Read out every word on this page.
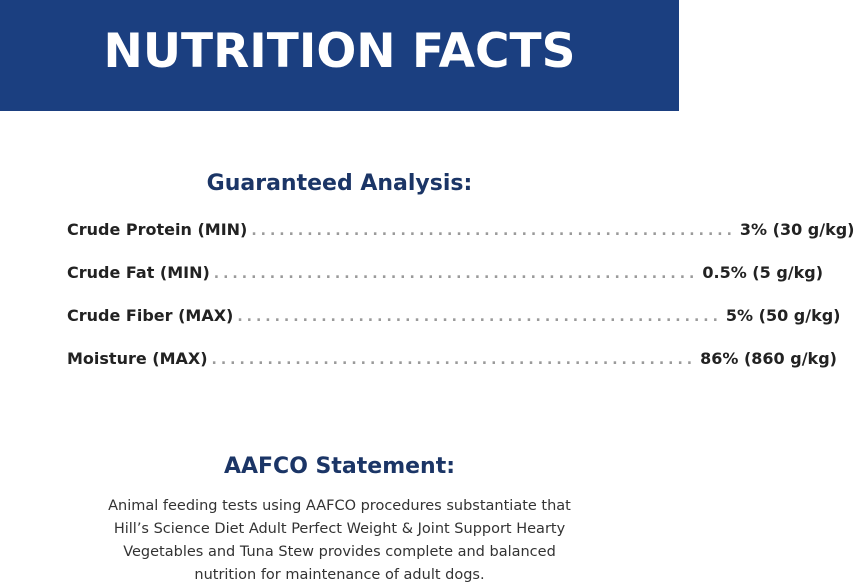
NUTRITION FACTS
Guaranteed Analysis:
Crude Protein (MIN) .................................................... 3% (30 g/kg)
Crude Fat (MIN) .................................................... 0.5% (5 g/kg)
Crude Fiber (MAX) .................................................... 5% (50 g/kg)
Moisture (MAX) .................................................... 86% (860 g/kg)
AAFCO Statement:
Animal feeding tests using AAFCO procedures substantiate that
Hill’s Science Diet Adult Perfect Weight & Joint Support Hearty
Vegetables and Tuna Stew provides complete and balanced
nutrition for maintenance of adult dogs.
